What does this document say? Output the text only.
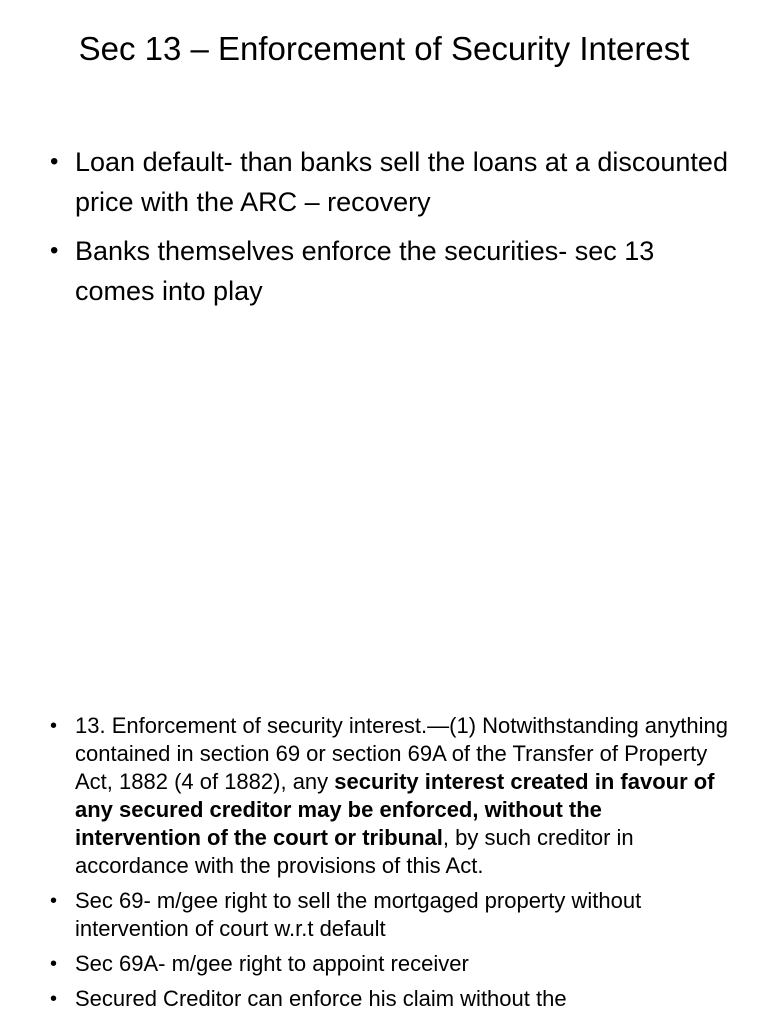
Sec 13 – Enforcement of Security Interest
• Loan default- than banks sell the loans at a discounted price with the ARC – recovery
• Banks themselves enforce the securities- sec 13 comes into play
• 13. Enforcement of security interest.—(1) Notwithstanding anything contained in section 69 or section 69A of the Transfer of Property Act, 1882 (4 of 1882), any security interest created in favour of any secured creditor may be enforced, without the intervention of the court or tribunal, by such creditor in accordance with the provisions of this Act.
• Sec 69- m/gee right to sell the mortgaged property without intervention of court w.r.t default
• Sec 69A- m/gee right to appoint receiver
• Secured Creditor can enforce his claim without the
